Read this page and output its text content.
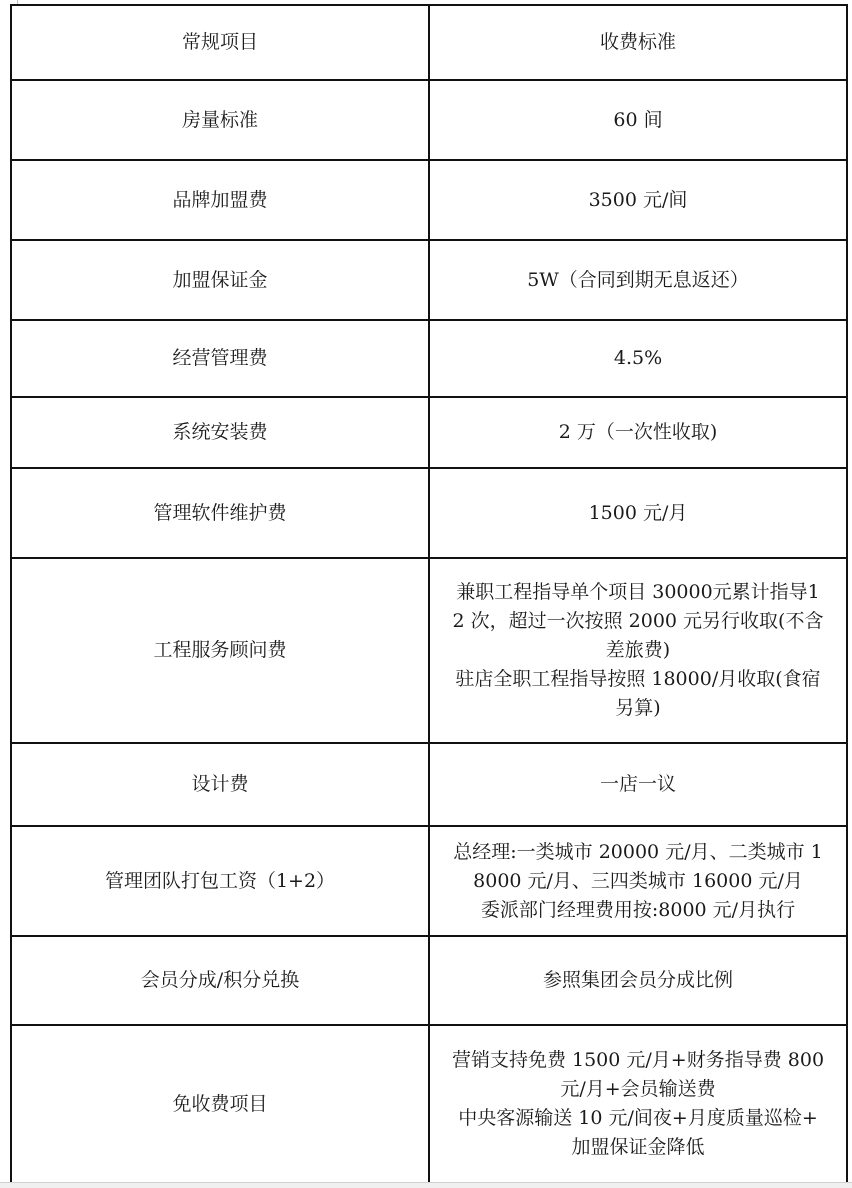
常规项目	收费标准
房量标准	60 间

品牌加盟费	3500 元/间

加盟保证金	5W（合同到期无息返还）

经营管理费	4.5%

系统安装费	2 万（一次性收取)

管理软件维护费	1500 元/月

工程服务顾问费	兼职工程指导单个项目 30000元累计指导1
2 次，超过一次按照 2000 元另行收取(不含
差旅费)
驻店全职工程指导按照 18000/月收取(食宿
另算)

设计费	一店一议

管理团队打包工资（1+2）	总经理:一类城市 20000 元/月、二类城市 1
8000 元/月、三四类城市 16000 元/月
委派部门经理费用按:8000 元/月执行

会员分成/积分兑换	参照集团会员分成比例

免收费项目	营销支持免费 1500 元/月+财务指导费 800
元/月+会员输送费
中央客源输送 10 元/间夜+月度质量巡检+
加盟保证金降低
